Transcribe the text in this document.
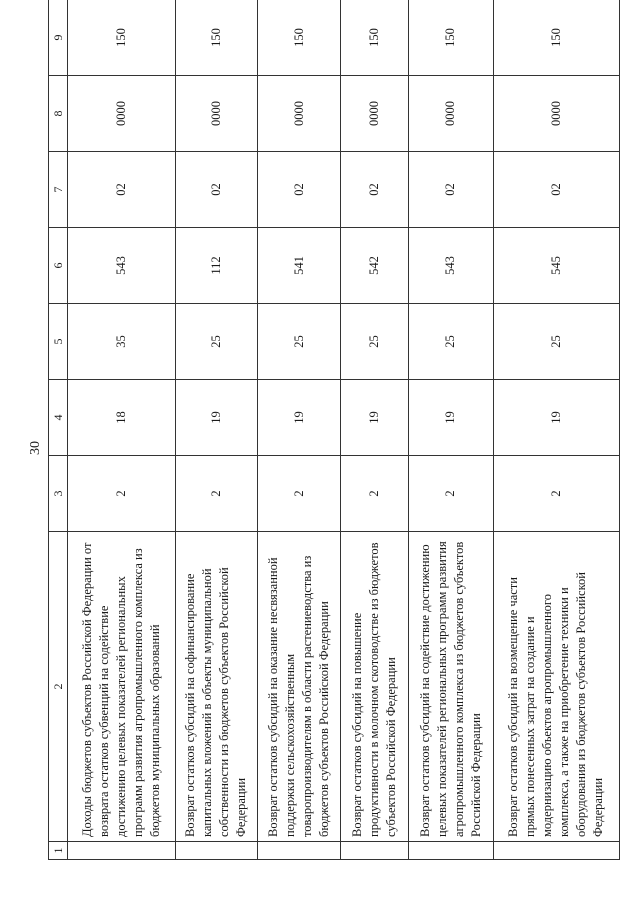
30
1	2	3	4	5	6	7	8	9
	Доходы бюджетов субъектов Российской Федерации от возврата остатков субвенций на содействие достижению целевых показателей региональных программ развития агропромышленного комплекса из бюджетов муниципальных образований	2	18	35	543	02	0000	150
	Возврат остатков субсидий на софинансирование капитальных вложений в объекты муниципальной собственности из бюджетов субъектов Российской Федерации	2	19	25	112	02	0000	150
	Возврат остатков субсидий на оказание несвязанной поддержки сельскохозяйственным товаропроизводителям в области растениеводства из бюджетов субъектов Российской Федерации	2	19	25	541	02	0000	150
	Возврат остатков субсидий на повышение продуктивности в молочном скотоводстве из бюджетов субъектов Российской Федерации	2	19	25	542	02	0000	150
	Возврат остатков субсидий на содействие достижению целевых показателей региональных программ развития агропромышленного комплекса из бюджетов субъектов Российской Федерации	2	19	25	543	02	0000	150
	Возврат остатков субсидий на возмещение части прямых понесенных затрат на создание и модернизацию объектов агропромышленного комплекса, а также на приобретение техники и оборудования из бюджетов субъектов Российской Федерации	2	19	25	545	02	0000	150
